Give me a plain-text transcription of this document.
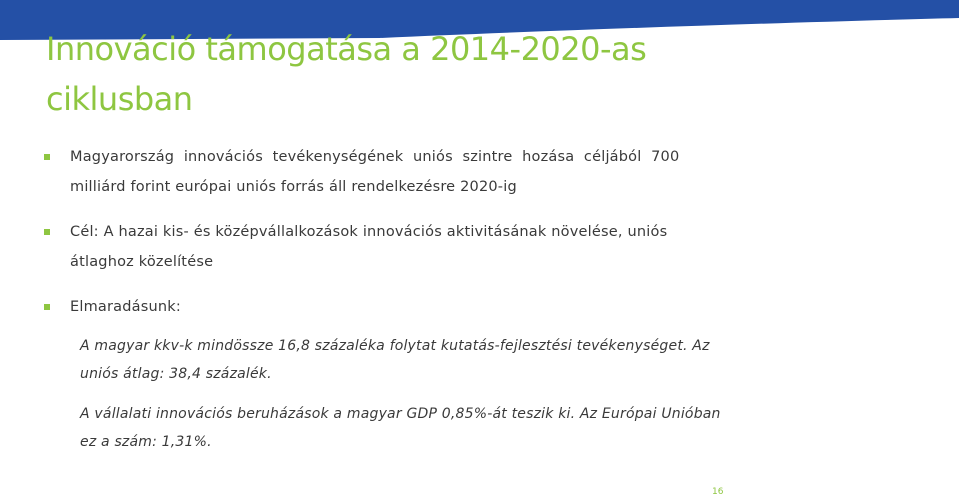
Innováció támogatása a 2014-2020-as
ciklusban

Magyarország  innovációs  tevékenységének  uniós  szintre  hozása  céljából  700
milliárd forint európai uniós forrás áll rendelkezésre 2020-ig

Cél: A hazai kis- és középvállalkozások innovációs aktivitásának növelése, uniós
átlaghoz közelítése

Elmaradásunk:

A magyar kkv-k mindössze 16,8 százaléka folytat kutatás-fejlesztési tevékenységet. Az
uniós átlag: 38,4 százalék.

A vállalati innovációs beruházások a magyar GDP 0,85%-át teszik ki. Az Európai Unióban
ez a szám: 1,31%.

16
